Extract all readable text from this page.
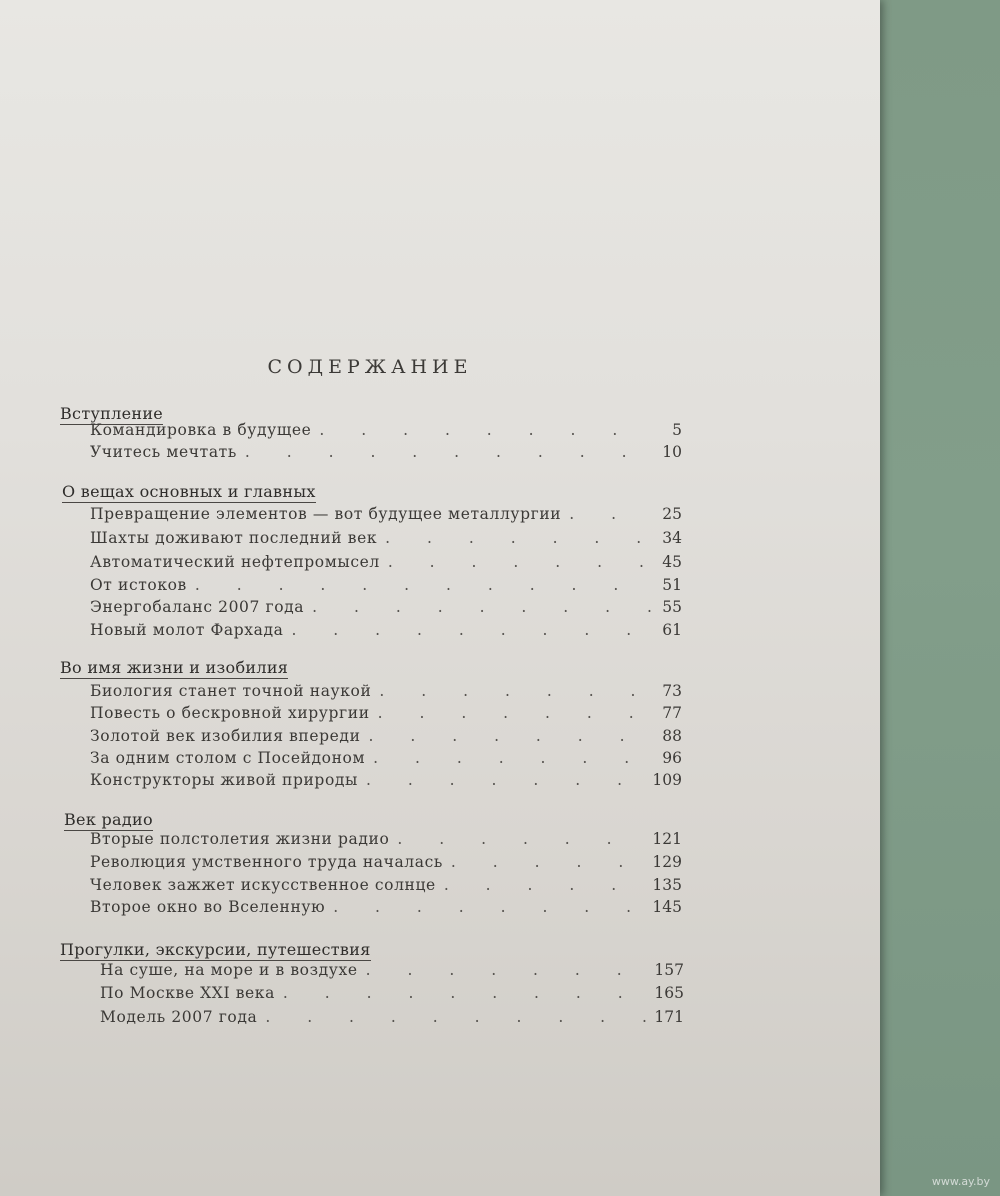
СОДЕРЖАНИЕ
Вступление
Командировка в будущее . . .	5
Учитесь мечтать . . .	10
О вещах основных и главных
Превращение элементов — вот будущее металлургии . . .	25
Шахты доживают последний век . . .	34
Автоматический нефтепромысел . . .	45
От истоков . . .	51
Энергобаланс 2007 года . . .	55
Новый молот Фархада . . .	61
Во имя жизни и изобилия
Биология станет точной наукой . . .	73
Повесть о бескровной хирургии . . .	77
Золотой век изобилия впереди . . .	88
За одним столом с Посейдоном . . .	96
Конструкторы живой природы . . .	109
Век радио
Вторые полстолетия жизни радио . . .	121
Революция умственного труда началась . . .	129
Человек зажжет искусственное солнце . . .	135
Второе окно во Вселенную . . .	145
Прогулки, экскурсии, путешествия
На суше, на море и в воздухе . . .	157
По Москве XXI века . . .	165
Модель 2007 года . . .	171
www.ay.by
